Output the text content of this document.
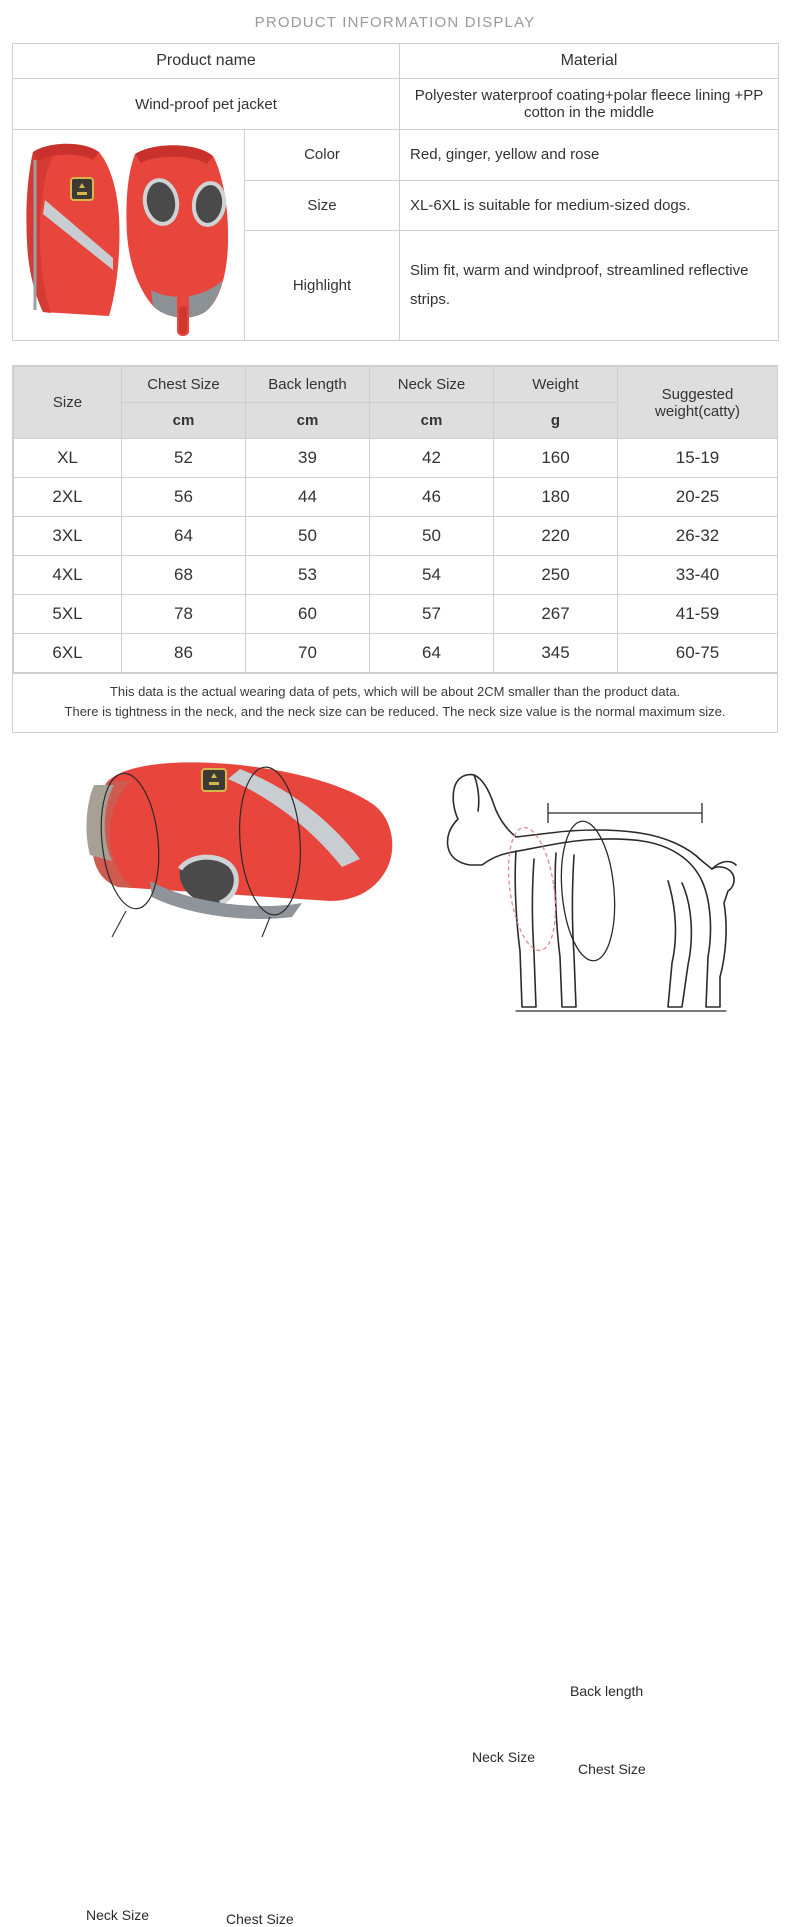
PRODUCT INFORMATION DISPLAY
Product name		Material
Wind-proof pet jacket		Polyester waterproof coating+polar fleece lining +PP cotton in the middle

	Color	Red, ginger, yellow and rose
	Size	XL-6XL is suitable for medium-sized dogs.
	Highlight	Slim fit, warm and windproof, streamlined reflective strips.
Size	Chest Size	Back length	Neck Size	Weight	Suggested weight(catty)
	cm	cm	cm	g	
XL	52	39	42	160	15-19
2XL	56	44	46	180	20-25
3XL	64	50	50	220	26-32
4XL	68	53	54	250	33-40
5XL	78	60	57	267	41-59
6XL	86	70	64	345	60-75
This data is the actual wearing data of pets, which will be about 2CM smaller than the product data.
There is tightness in the neck, and the neck size can be reduced. The neck size value is the normal maximum size.
Neck Size	Chest Size
Back length
Neck Size
Chest Size
